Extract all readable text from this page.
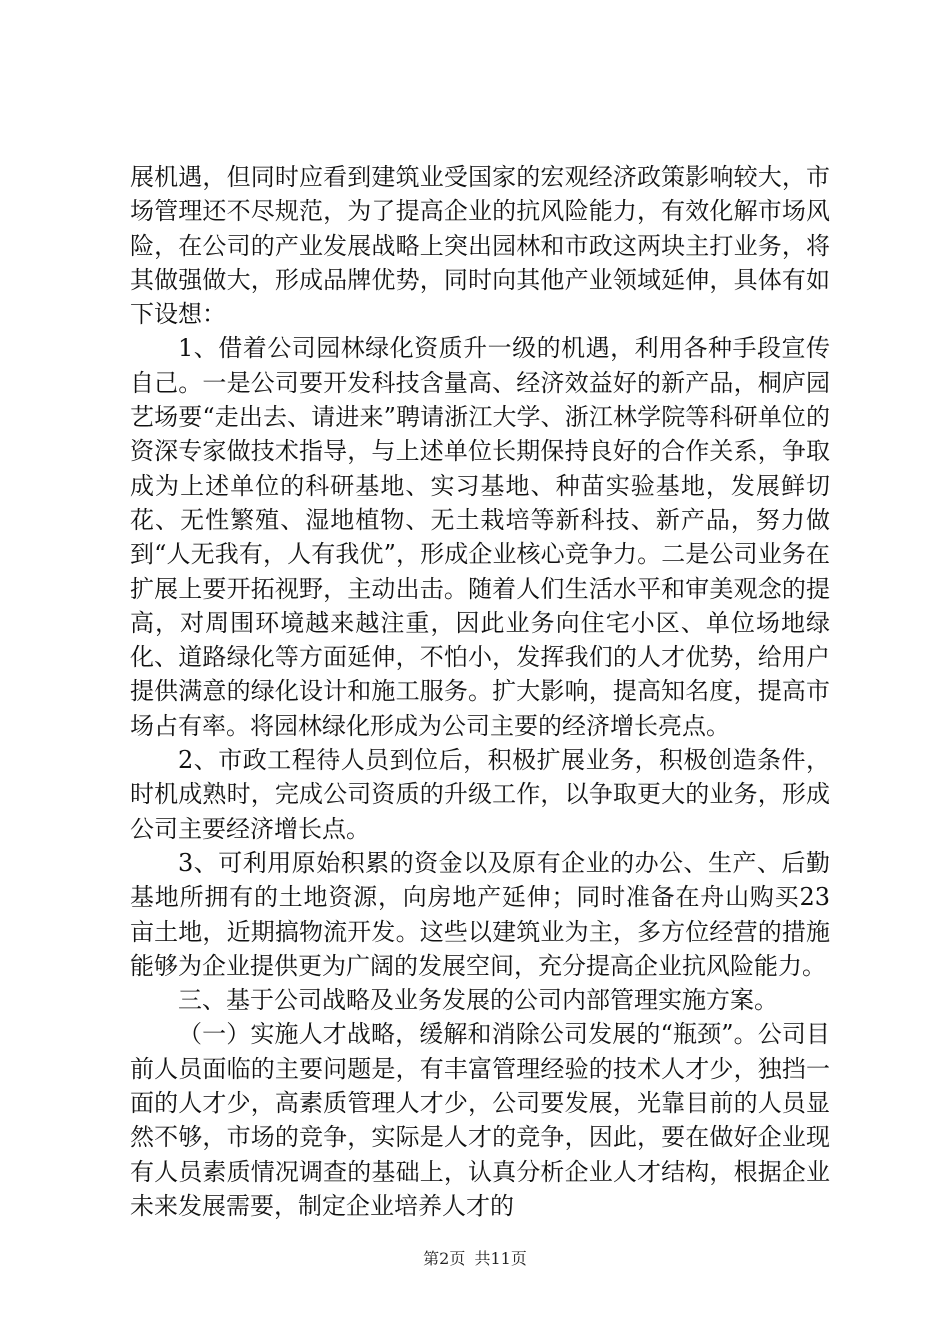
展机遇，但同时应看到建筑业受国家的宏观经济政策影响较大，市场管理还不尽规范，为了提高企业的抗风险能力，有效化解市场风险，在公司的产业发展战略上突出园林和市政这两块主打业务，将其做强做大，形成品牌优势，同时向其他产业领域延伸，具体有如下设想：

1、借着公司园林绿化资质升一级的机遇，利用各种手段宣传自己。一是公司要开发科技含量高、经济效益好的新产品，桐庐园艺场要“走出去、请进来”聘请浙江大学、浙江林学院等科研单位的资深专家做技术指导，与上述单位长期保持良好的合作关系，争取成为上述单位的科研基地、实习基地、种苗实验基地，发展鲜切花、无性繁殖、湿地植物、无土栽培等新科技、新产品，努力做到“人无我有，人有我优”，形成企业核心竞争力。二是公司业务在扩展上要开拓视野，主动出击。随着人们生活水平和审美观念的提高，对周围环境越来越注重，因此业务向住宅小区、单位场地绿化、道路绿化等方面延伸，不怕小，发挥我们的人才优势，给用户提供满意的绿化设计和施工服务。扩大影响，提高知名度，提高市场占有率。将园林绿化形成为公司主要的经济增长亮点。

2、市政工程待人员到位后，积极扩展业务，积极创造条件，时机成熟时，完成公司资质的升级工作，以争取更大的业务，形成公司主要经济增长点。

3、可利用原始积累的资金以及原有企业的办公、生产、后勤基地所拥有的土地资源，向房地产延伸；同时准备在舟山购买23亩土地，近期搞物流开发。这些以建筑业为主，多方位经营的措施能够为企业提供更为广阔的发展空间，充分提高企业抗风险能力。

三、基于公司战略及业务发展的公司内部管理实施方案。

（一）实施人才战略，缓解和消除公司发展的“瓶颈”。公司目前人员面临的主要问题是，有丰富管理经验的技术人才少，独挡一面的人才少，高素质管理人才少，公司要发展，光靠目前的人员显然不够，市场的竞争，实际是人才的竞争，因此，要在做好企业现有人员素质情况调查的基础上，认真分析企业人才结构，根据企业未来发展需要，制定企业培养人才的

第2页 共11页
